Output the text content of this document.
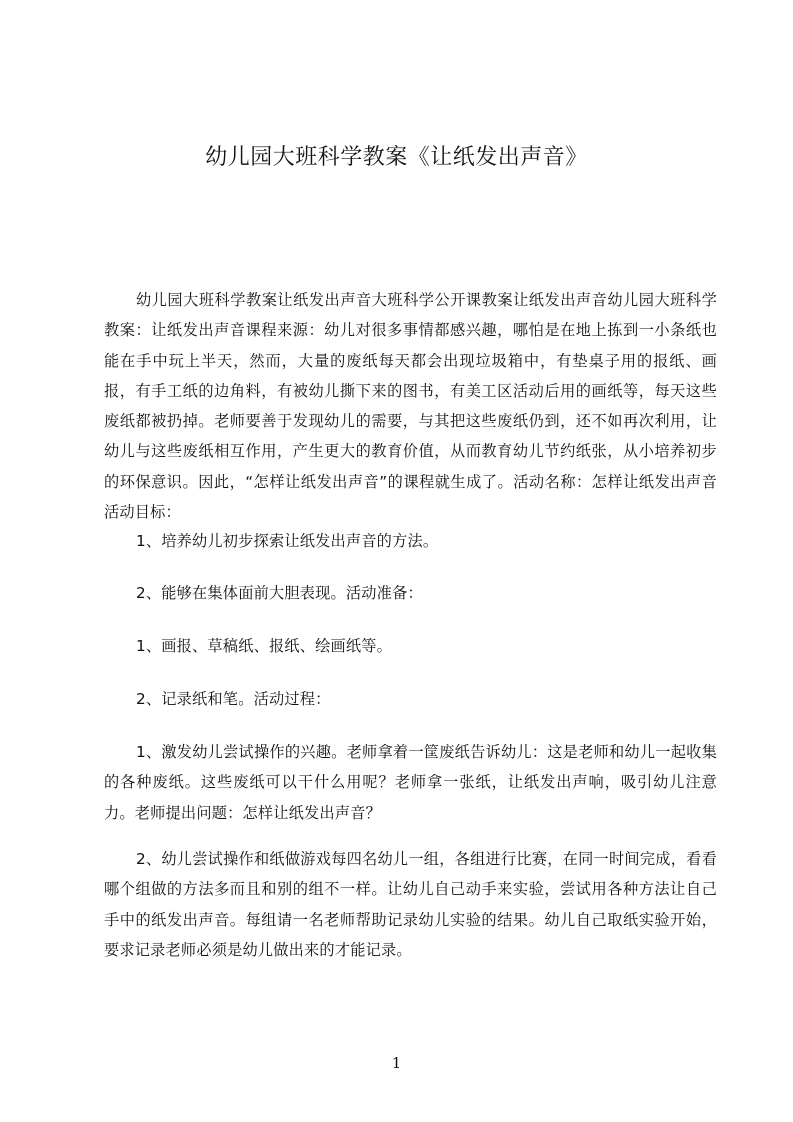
幼儿园大班科学教案《让纸发出声音》

幼儿园大班科学教案让纸发出声音大班科学公开课教案让纸发出声音幼儿园大班科学教案：让纸发出声音课程来源：幼儿对很多事情都感兴趣，哪怕是在地上拣到一小条纸也能在手中玩上半天，然而，大量的废纸每天都会出现垃圾箱中，有垫桌子用的报纸、画报，有手工纸的边角料，有被幼儿撕下来的图书，有美工区活动后用的画纸等，每天这些废纸都被扔掉。老师要善于发现幼儿的需要，与其把这些废纸仍到，还不如再次利用，让幼儿与这些废纸相互作用，产生更大的教育价值，从而教育幼儿节约纸张，从小培养初步的环保意识。因此，“怎样让纸发出声音”的课程就生成了。活动名称：怎样让纸发出声音活动目标：

1、培养幼儿初步探索让纸发出声音的方法。

2、能够在集体面前大胆表现。活动准备：

1、画报、草稿纸、报纸、绘画纸等。

2、记录纸和笔。活动过程：

1、激发幼儿尝试操作的兴趣。老师拿着一筐废纸告诉幼儿：这是老师和幼儿一起收集的各种废纸。这些废纸可以干什么用呢？老师拿一张纸，让纸发出声响，吸引幼儿注意力。老师提出问题：怎样让纸发出声音？

2、幼儿尝试操作和纸做游戏每四名幼儿一组，各组进行比赛，在同一时间完成，看看哪个组做的方法多而且和别的组不一样。让幼儿自己动手来实验，尝试用各种方法让自己手中的纸发出声音。每组请一名老师帮助记录幼儿实验的结果。幼儿自己取纸实验开始，要求记录老师必须是幼儿做出来的才能记录。

1
